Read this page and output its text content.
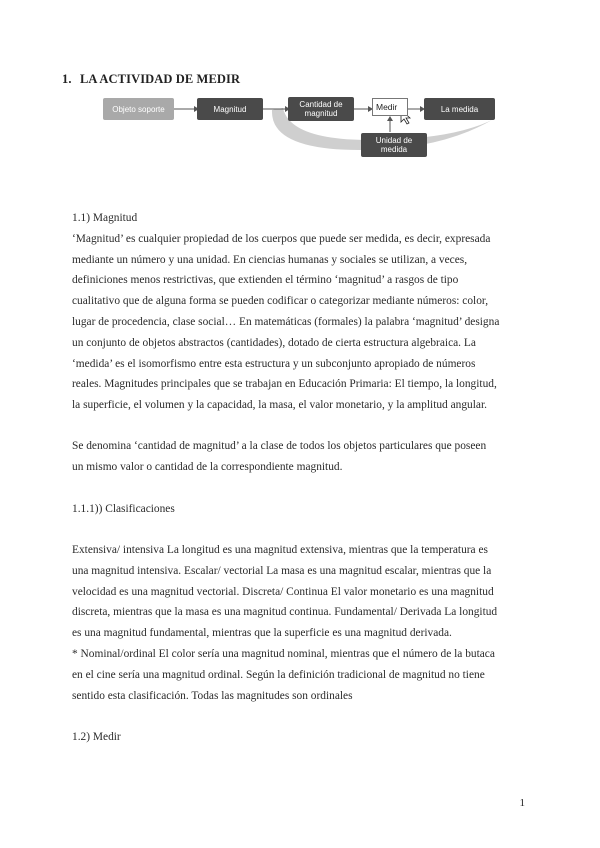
1. LA ACTIVIDAD DE MEDIR
Objeto soporte	Magnitud	Cantidad de
magnitud
Medir	La medida
Unidad de
medida

1.1) Magnitud

‘Magnitud’ es cualquier propiedad de los cuerpos que puede ser medida, es decir, expresada

mediante un número y una unidad. En ciencias humanas y sociales se utilizan, a veces,

definiciones menos restrictivas, que extienden el término ‘magnitud’ a rasgos de tipo

cualitativo que de alguna forma se pueden codificar o categorizar mediante números: color,

lugar de procedencia, clase social… En matemáticas (formales) la palabra ‘magnitud’ designa

un conjunto de objetos abstractos (cantidades), dotado de cierta estructura algebraica. La

‘medida’ es el isomorfismo entre esta estructura y un subconjunto apropiado de números

reales. Magnitudes principales que se trabajan en Educación Primaria: El tiempo, la longitud,

la superficie, el volumen y la capacidad, la masa, el valor monetario, y la amplitud angular.

Se denomina ‘cantidad de magnitud’ a la clase de todos los objetos particulares que poseen

un mismo valor o cantidad de la correspondiente magnitud.

1.1.1)) Clasificaciones

Extensiva/ intensiva La longitud es una magnitud extensiva, mientras que la temperatura es

una magnitud intensiva. Escalar/ vectorial La masa es una magnitud escalar, mientras que la

velocidad es una magnitud vectorial. Discreta/ Continua El valor monetario es una magnitud

discreta, mientras que la masa es una magnitud continua. Fundamental/ Derivada La longitud

es una magnitud fundamental, mientras que la superficie es una magnitud derivada.

* Nominal/ordinal El color sería una magnitud nominal, mientras que el número de la butaca

en el cine sería una magnitud ordinal. Según la definición tradicional de magnitud no tiene

sentido esta clasificación. Todas las magnitudes son ordinales

1.2) Medir

1
